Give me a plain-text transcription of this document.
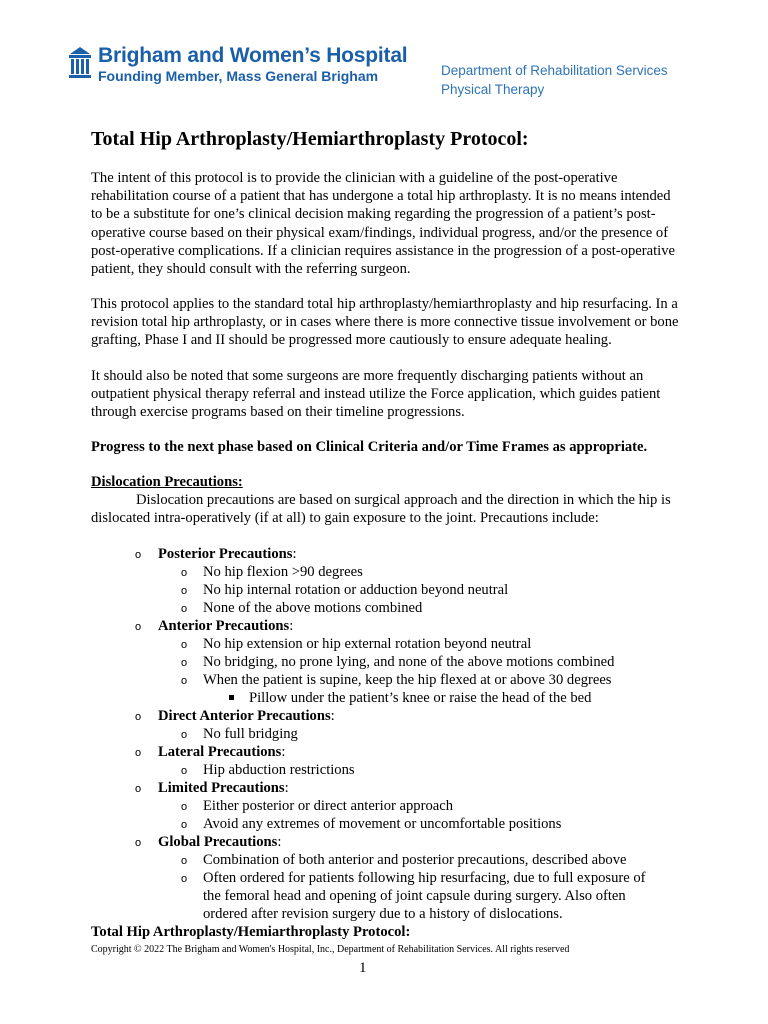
Brigham and Women’s Hospital
Founding Member, Mass General Brigham	Department of Rehabilitation Services
Physical Therapy
Total Hip Arthroplasty/Hemiarthroplasty Protocol:

The intent of this protocol is to provide the clinician with a guideline of the post-operative rehabilitation course of a patient that has undergone a total hip arthroplasty. It is no means intended to be a substitute for one’s clinical decision making regarding the progression of a patient’s post-operative course based on their physical exam/findings, individual progress, and/or the presence of post-operative complications. If a clinician requires assistance in the progression of a post-operative patient, they should consult with the referring surgeon.

This protocol applies to the standard total hip arthroplasty/hemiarthroplasty and hip resurfacing. In a revision total hip arthroplasty, or in cases where there is more connective tissue involvement or bone grafting, Phase I and II should be progressed more cautiously to ensure adequate healing.

It should also be noted that some surgeons are more frequently discharging patients without an outpatient physical therapy referral and instead utilize the Force application, which guides patient through exercise programs based on their timeline progressions.

Progress to the next phase based on Clinical Criteria and/or Time Frames as appropriate.

Dislocation Precautions:

Dislocation precautions are based on surgical approach and the direction in which the hip is dislocated intra-operatively (if at all) to gain exposure to the joint. Precautions include:

o Posterior Precautions:
o No hip flexion >90 degrees
o No hip internal rotation or adduction beyond neutral
o None of the above motions combined
o Anterior Precautions:
o No hip extension or hip external rotation beyond neutral
o No bridging, no prone lying, and none of the above motions combined
o When the patient is supine, keep the hip flexed at or above 30 degrees
Pillow under the patient’s knee or raise the head of the bed
o Direct Anterior Precautions:
o No full bridging
o Lateral Precautions:
o Hip abduction restrictions
o Limited Precautions:
o Either posterior or direct anterior approach
o Avoid any extremes of movement or uncomfortable positions
o Global Precautions:
o Combination of both anterior and posterior precautions, described above
o Often ordered for patients following hip resurfacing, due to full exposure of the femoral head and opening of joint capsule during surgery. Also often ordered after revision surgery due to a history of dislocations.
Total Hip Arthroplasty/Hemiarthroplasty Protocol:
Copyright © 2022 The Brigham and Women's Hospital, Inc., Department of Rehabilitation Services. All rights reserved
1
